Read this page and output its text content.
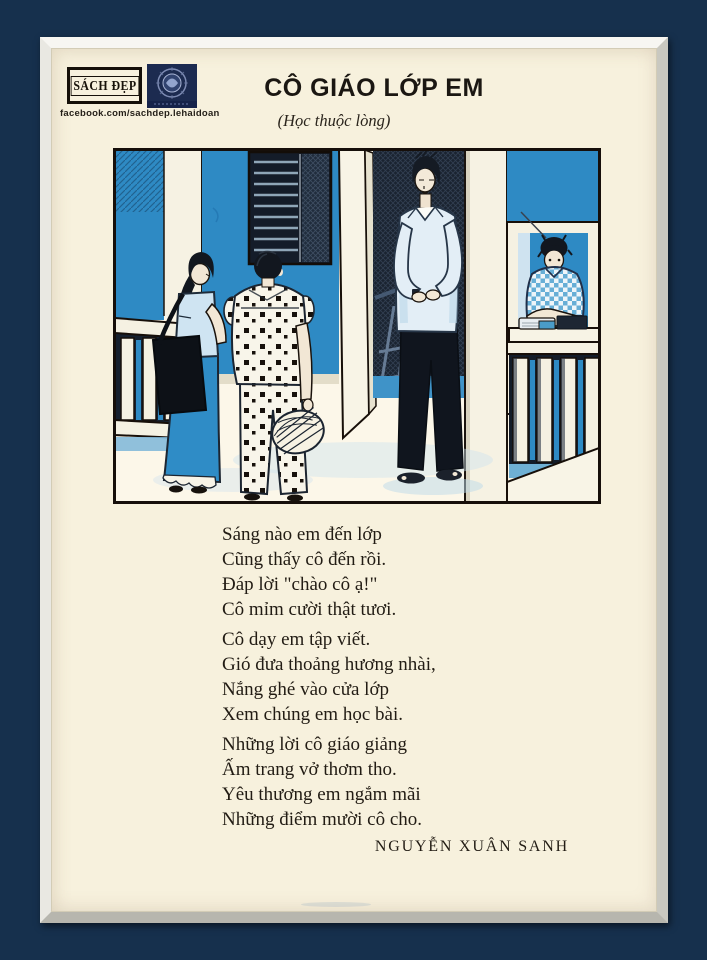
SÁCH ĐẸP
facebook.com/sachdep.lehaidoan
CÔ GIÁO LỚP EM
(Học thuộc lòng)

Sáng nào em đến lớp

Cũng thấy cô đến rồi.

Đáp lời "chào cô ạ!"

Cô mỉm cười thật tươi.

Cô dạy em tập viết.

Gió đưa thoảng hương nhài,

Nắng ghé vào cửa lớp

Xem chúng em học bài.

Những lời cô giáo giảng

Ấm trang vở thơm tho.

Yêu thương em ngắm mãi

Những điểm mười cô cho.

NGUYỄN XUÂN SANH
